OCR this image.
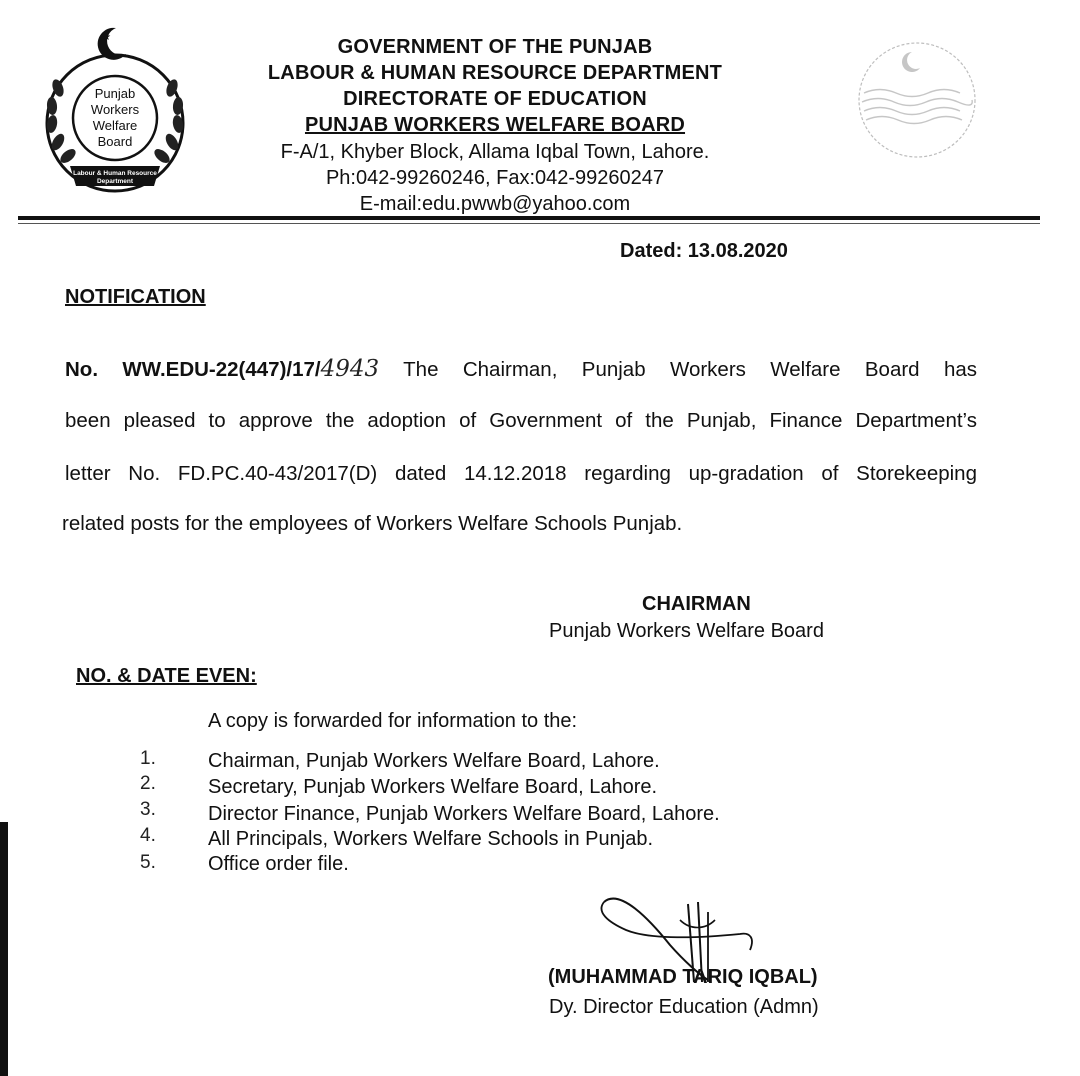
★
Punjab
Workers
Welfare
Board
Labour & Human Resource
Department
GOVERNMENT OF THE PUNJAB
LABOUR & HUMAN RESOURCE DEPARTMENT
DIRECTORATE OF EDUCATION
PUNJAB WORKERS WELFARE BOARD
F-A/1, Khyber Block, Allama Iqbal Town, Lahore.
Ph:042-99260246, Fax:042-99260247
E-mail:edu.pwwb@yahoo.com
Dated: 13.08.2020
NOTIFICATION
No. WW.EDU-22(447)/17/4943 The Chairman, Punjab Workers Welfare Board has
been pleased to approve the adoption of Government of the Punjab, Finance Department’s
letter No. FD.PC.40-43/2017(D) dated 14.12.2018 regarding up-gradation of Storekeeping
related posts for the employees of Workers Welfare Schools Punjab.
CHAIRMAN
Punjab Workers Welfare Board
NO. & DATE EVEN:
A copy is forwarded for information to the:
1.	Chairman, Punjab Workers Welfare Board, Lahore.
2.	Secretary, Punjab Workers Welfare Board, Lahore.
3.	Director Finance, Punjab Workers Welfare Board, Lahore.
4.	All Principals, Workers Welfare Schools in Punjab.
5.	Office order file.
(MUHAMMAD TARIQ IQBAL)
Dy. Director Education (Admn)
